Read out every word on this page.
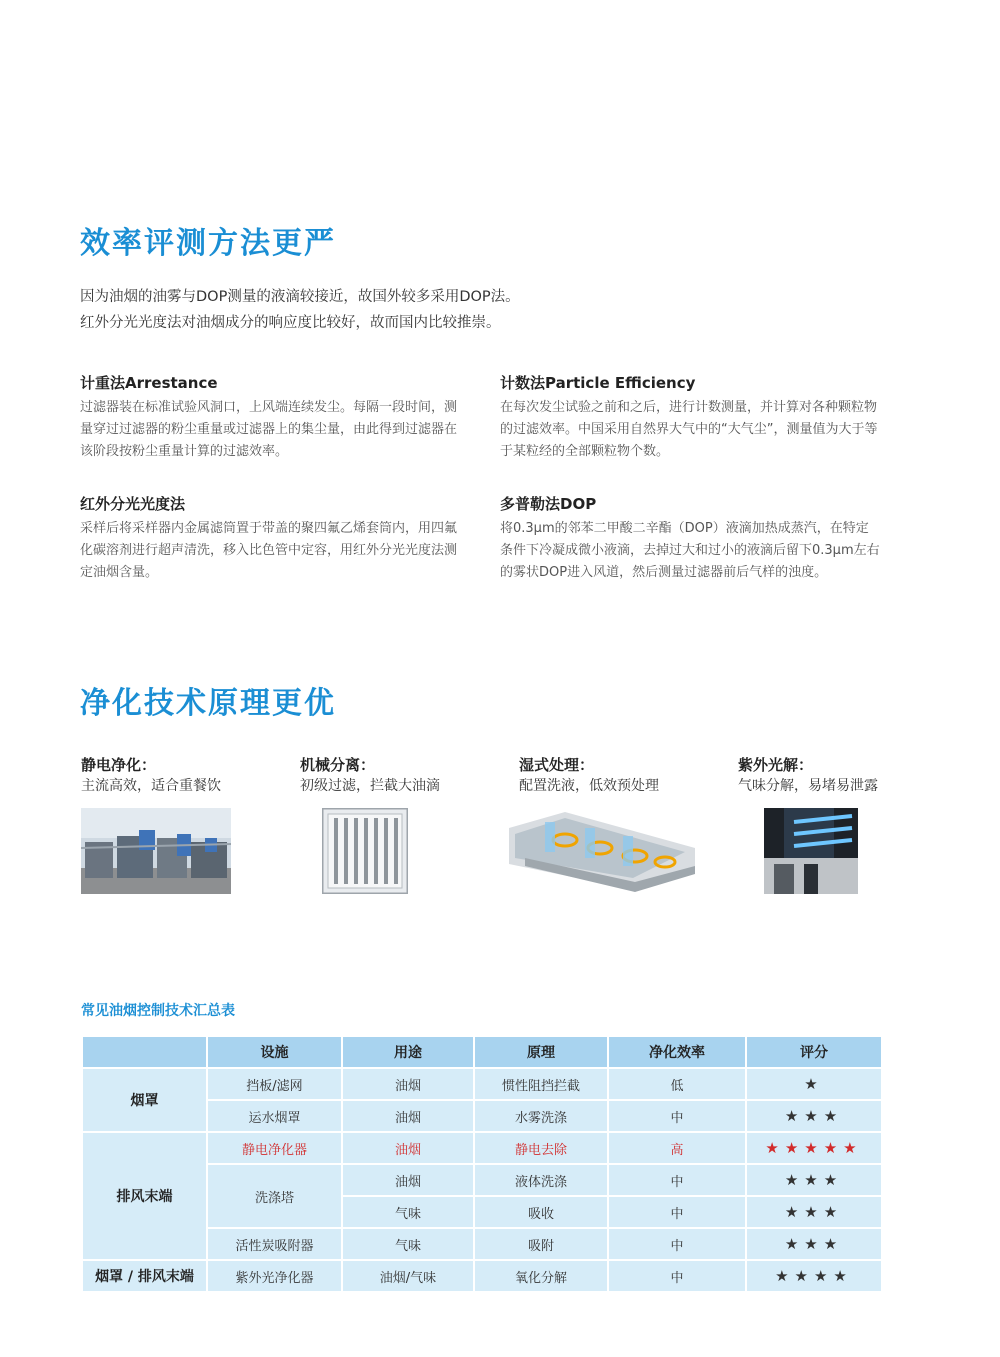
效率评测方法更严
因为油烟的油雾与DOP测量的液滴较接近，故国外较多采用DOP法。
红外分光光度法对油烟成分的响应度比较好，故而国内比较推崇。
计重法Arrestance
过滤器装在标准试验风洞口，上风端连续发尘。每隔一段时间，测量穿过过滤器的粉尘重量或过滤器上的集尘量，由此得到过滤器在该阶段按粉尘重量计算的过滤效率。
计数法Particle Efficiency
在每次发尘试验之前和之后，进行计数测量，并计算对各种颗粒物的过滤效率。中国采用自然界大气中的“大气尘”，测量值为大于等于某粒经的全部颗粒物个数。
红外分光光度法
采样后将采样器内金属滤筒置于带盖的聚四氟乙烯套筒内，用四氟化碳溶剂进行超声清洗，移入比色管中定容，用红外分光光度法测定油烟含量。
多普勒法DOP
将0.3μm的邻苯二甲酸二辛酯（DOP）液滴加热成蒸汽，在特定条件下冷凝成微小液滴，去掉过大和过小的液滴后留下0.3μm左右的雾状DOP进入风道，然后测量过滤器前后气样的浊度。
净化技术原理更优
静电净化：
主流高效，适合重餐饮
机械分离：
初级过滤，拦截大油滴
湿式处理：
配置洗液，低效预处理
紫外光解：
气味分解，易堵易泄露
常见油烟控制技术汇总表
	设施	用途	原理	净化效率	评分
烟罩	挡板/滤网	油烟	惯性阻挡拦截	低	★
	运水烟罩	油烟	水雾洗涤	中	★★★
排风末端	静电净化器	油烟	静电去除	高	★★★★★
	洗涤塔	油烟	液体洗涤	中	★★★
		气味	吸收	中	★★★
	活性炭吸附器	气味	吸附	中	★★★
烟罩 / 排风末端	紫外光净化器	油烟/气味	氧化分解	中	★★★★
